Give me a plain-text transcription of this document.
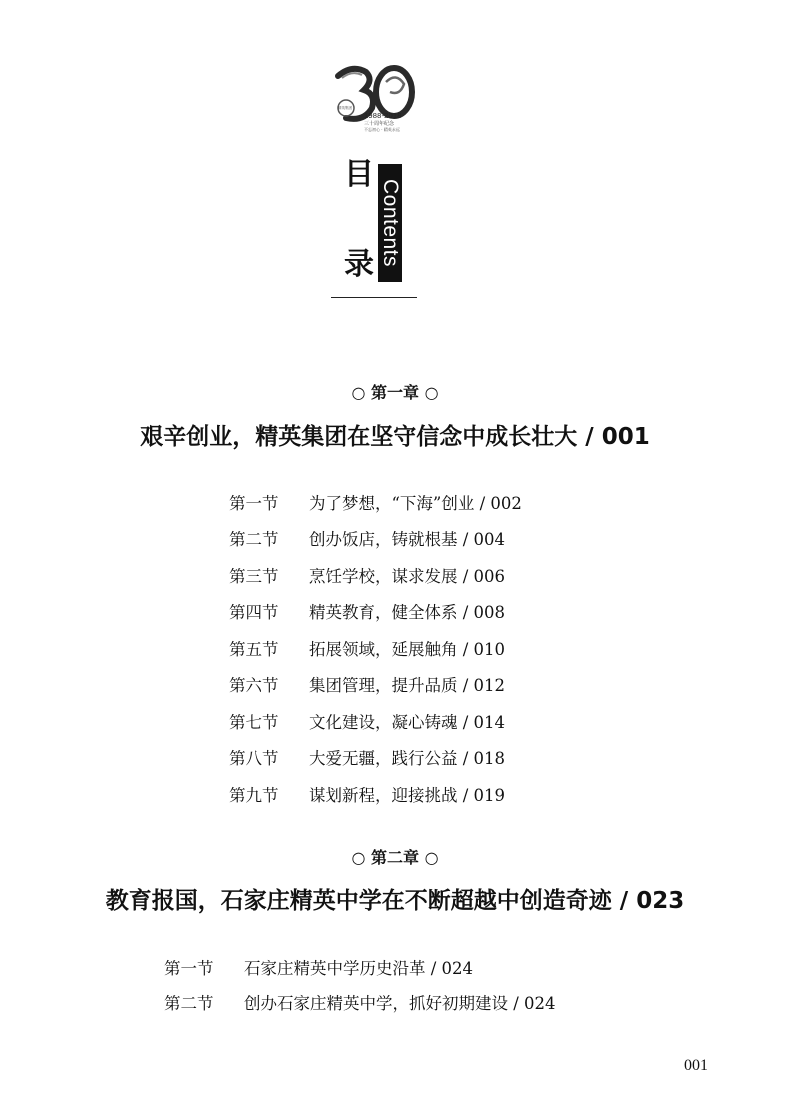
精英集团
1988-2018
三十周年纪念
不忘初心 · 精英永远
目
录 Contents
○ 第一章 ○
艰辛创业，精英集团在坚守信念中成长壮大 / 001
第一节 为了梦想，“下海”创业 / 002
第二节 创办饭店，铸就根基 / 004
第三节 烹饪学校，谋求发展 / 006
第四节 精英教育，健全体系 / 008
第五节 拓展领域，延展触角 / 010
第六节 集团管理，提升品质 / 012
第七节 文化建设，凝心铸魂 / 014
第八节 大爱无疆，践行公益 / 018
第九节 谋划新程，迎接挑战 / 019
○ 第二章 ○
教育报国，石家庄精英中学在不断超越中创造奇迹 / 023
第一节 石家庄精英中学历史沿革 / 024
第二节 创办石家庄精英中学，抓好初期建设 / 024
001
